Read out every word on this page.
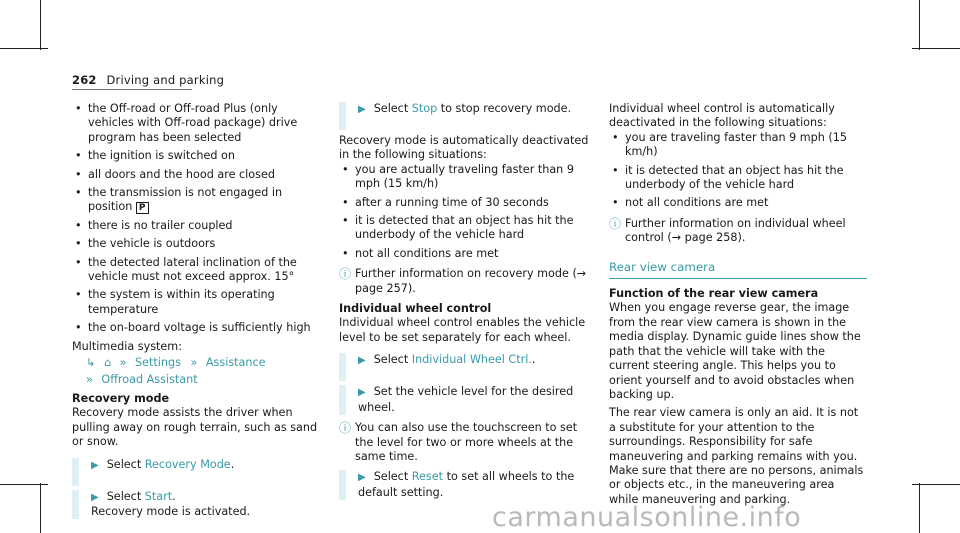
262 Driving and parking
• the Off-road or Off-road Plus (only vehicles with Off-road package) drive program has been selected
• the ignition is switched on
• all doors and the hood are closed
• the transmission is not engaged in position P
• there is no trailer coupled
• the vehicle is outdoors
• the detected lateral inclination of the vehicle must not exceed approx. 15°
• the system is within its operating temperature
• the on-board voltage is sufficiently high
Multimedia system:
↳ ⌂ » Settings » Assistance
» Offroad Assistant
Recovery mode
Recovery mode assists the driver when pulling away on rough terrain, such as sand or snow.
▶ Select Recovery Mode.
▶ Select Start.
Recovery mode is activated.
▶ Select Stop to stop recovery mode.
Recovery mode is automatically deactivated in the following situations:
• you are actually traveling faster than 9 mph (15 km/h)
• after a running time of 30 seconds
• it is detected that an object has hit the underbody of the vehicle hard
• not all conditions are met
ⓘ Further information on recovery mode (→ page 257).
Individual wheel control
Individual wheel control enables the vehicle level to be set separately for each wheel.
▶ Select Individual Wheel Ctrl..
▶ Set the vehicle level for the desired wheel.
ⓘ You can also use the touchscreen to set the level for two or more wheels at the same time.
▶ Select Reset to set all wheels to the default setting.
Individual wheel control is automatically deactivated in the following situations:
• you are traveling faster than 9 mph (15 km/h)
• it is detected that an object has hit the underbody of the vehicle hard
• not all conditions are met
ⓘ Further information on individual wheel control (→ page 258).
Rear view camera
Function of the rear view camera
When you engage reverse gear, the image from the rear view camera is shown in the media display. Dynamic guide lines show the path that the vehicle will take with the current steering angle. This helps you to orient yourself and to avoid obstacles when backing up.
The rear view camera is only an aid. It is not a substitute for your attention to the surroundings. Responsibility for safe maneuvering and parking remains with you. Make sure that there are no persons, animals or objects etc., in the maneuvering area while maneuvering and parking.
carmanualsonline.info
